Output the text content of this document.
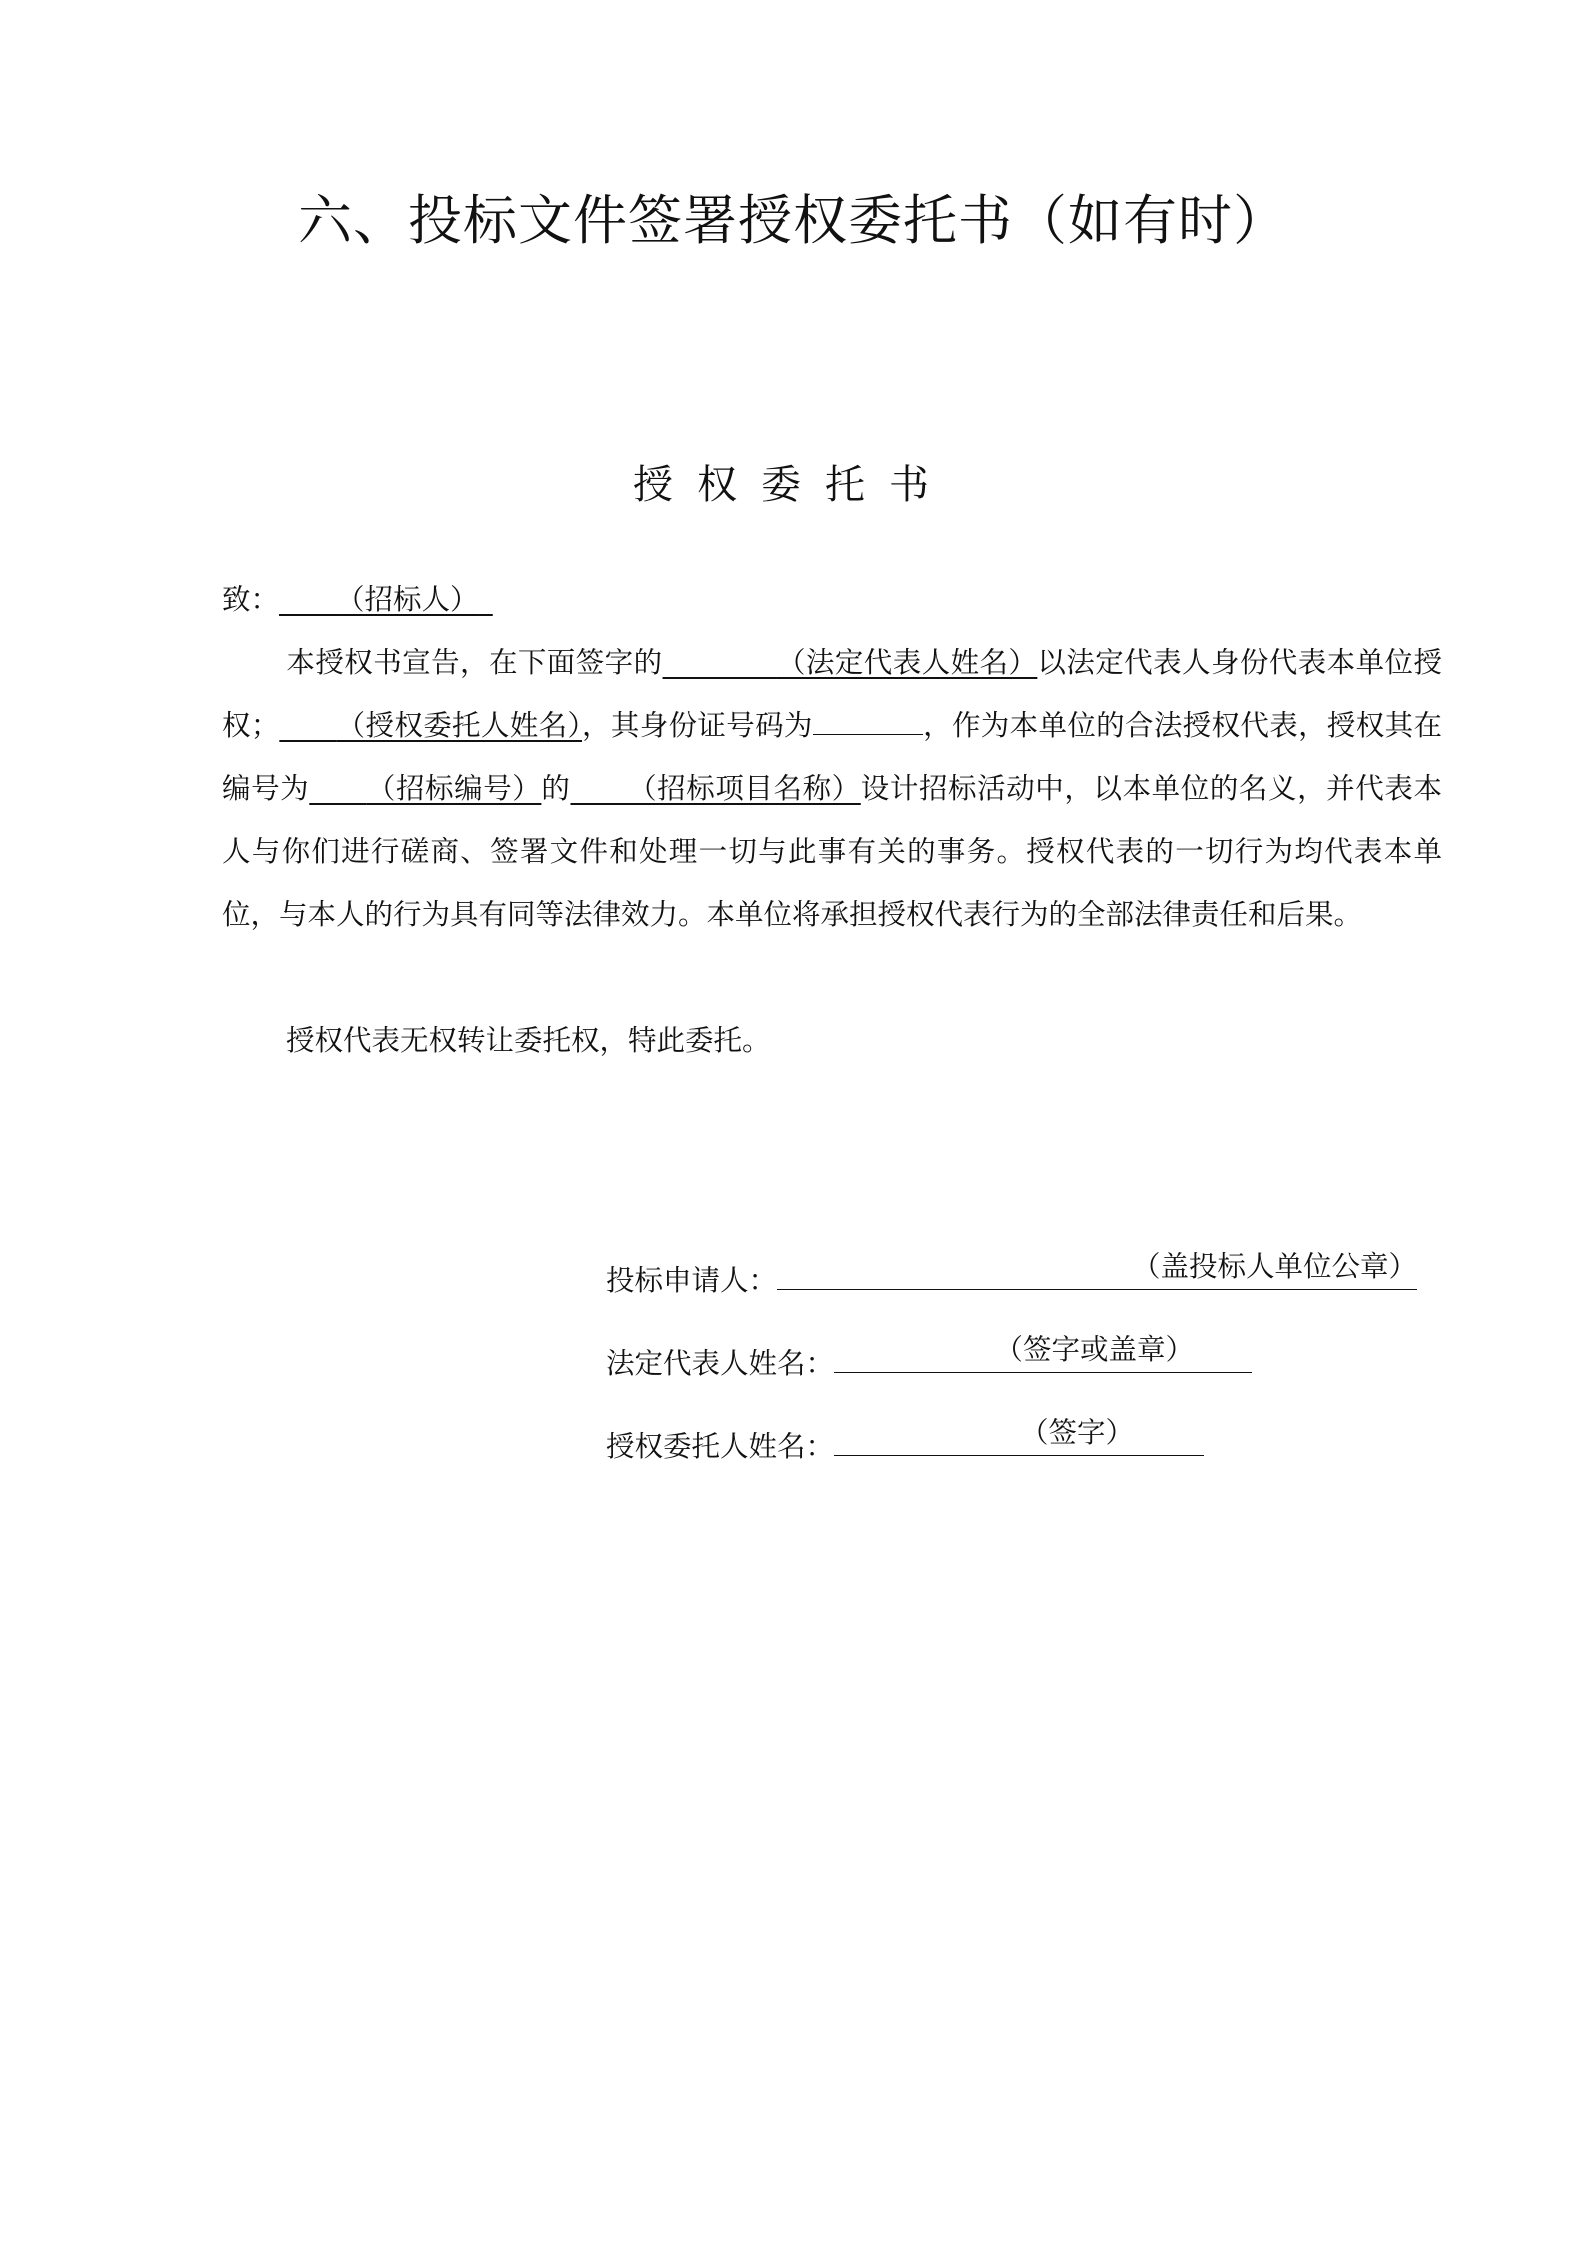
六、投标文件签署授权委托书（如有时）
授权委托书
致：   （招标人） 
本授权书宣告，在下面签字的    	（法定代表人姓名）以法定代表人身份代表本单位授权；   （授权委托人姓名），其身份证号码为	，作为本单位的合法授权代表，授权其在编号为   （招标编号）的   （招标项目名称）设计招标活动中，以本单位的名义，并代表本人与你们进行磋商、签署文件和处理一切与此事有关的事务。授权代表的一切行为均代表本单位，与本人的行为具有同等法律效力。本单位将承担授权代表行为的全部法律责任和后果。
授权代表无权转让委托权，特此委托。
投标申请人：	（盖投标人单位公章）
法定代表人姓名：	（签字或盖章）
授权委托人姓名：	（签字）
